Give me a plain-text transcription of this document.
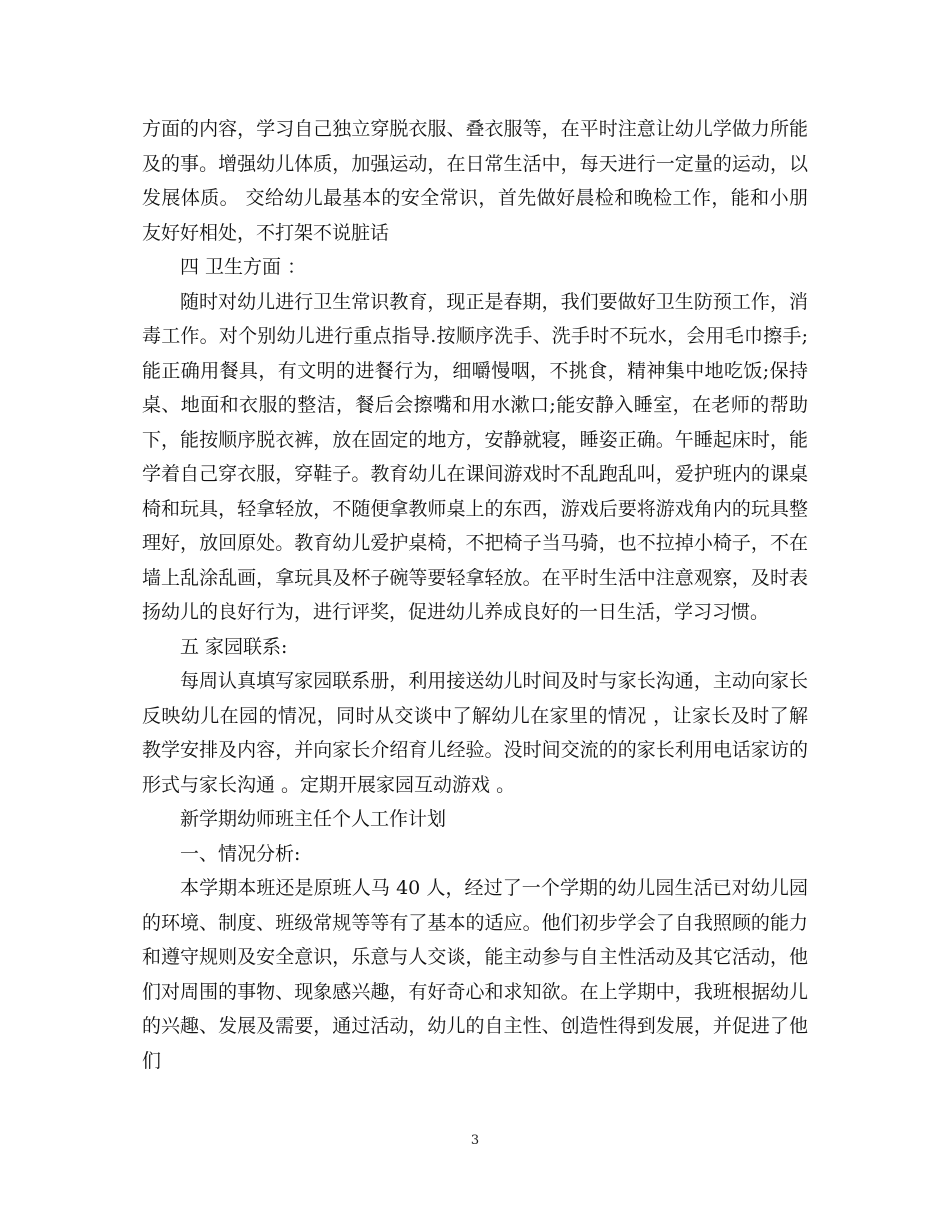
方面的内容，学习自己独立穿脱衣服、叠衣服等，在平时注意让幼儿学做力所能及的事。增强幼儿体质，加强运动，在日常生活中，每天进行一定量的运动，以发展体质。 交给幼儿最基本的安全常识，首先做好晨检和晚检工作，能和小朋友好好相处，不打架不说脏话

四 卫生方面 ：

随时对幼儿进行卫生常识教育，现正是春期，我们要做好卫生防预工作，消毒工作。对个别幼儿进行重点指导.按顺序洗手、洗手时不玩水，会用毛巾擦手;能正确用餐具，有文明的进餐行为，细嚼慢咽，不挑食，精神集中地吃饭;保持桌、地面和衣服的整洁，餐后会擦嘴和用水漱口;能安静入睡室，在老师的帮助下，能按顺序脱衣裤，放在固定的地方，安静就寝，睡姿正确。午睡起床时，能学着自己穿衣服，穿鞋子。教育幼儿在课间游戏时不乱跑乱叫，爱护班内的课桌椅和玩具，轻拿轻放，不随便拿教师桌上的东西，游戏后要将游戏角内的玩具整理好，放回原处。教育幼儿爱护桌椅，不把椅子当马骑，也不拉掉小椅子，不在墙上乱涂乱画，拿玩具及杯子碗等要轻拿轻放。在平时生活中注意观察，及时表扬幼儿的良好行为，进行评奖，促进幼儿养成良好的一日生活，学习习惯。

五 家园联系:

每周认真填写家园联系册，利用接送幼儿时间及时与家长沟通，主动向家长反映幼儿在园的情况，同时从交谈中了解幼儿在家里的情况 ，让家长及时了解教学安排及内容，并向家长介绍育儿经验。没时间交流的的家长利用电话家访的形式与家长沟通 。定期开展家园互动游戏 。

新学期幼师班主任个人工作计划

一、情况分析:

本学期本班还是原班人马 40 人，经过了一个学期的幼儿园生活已对幼儿园的环境、制度、班级常规等等有了基本的适应。他们初步学会了自我照顾的能力和遵守规则及安全意识，乐意与人交谈，能主动参与自主性活动及其它活动，他们对周围的事物、现象感兴趣，有好奇心和求知欲。在上学期中，我班根据幼儿的兴趣、发展及需要，通过活动，幼儿的自主性、创造性得到发展，并促进了他们

3
